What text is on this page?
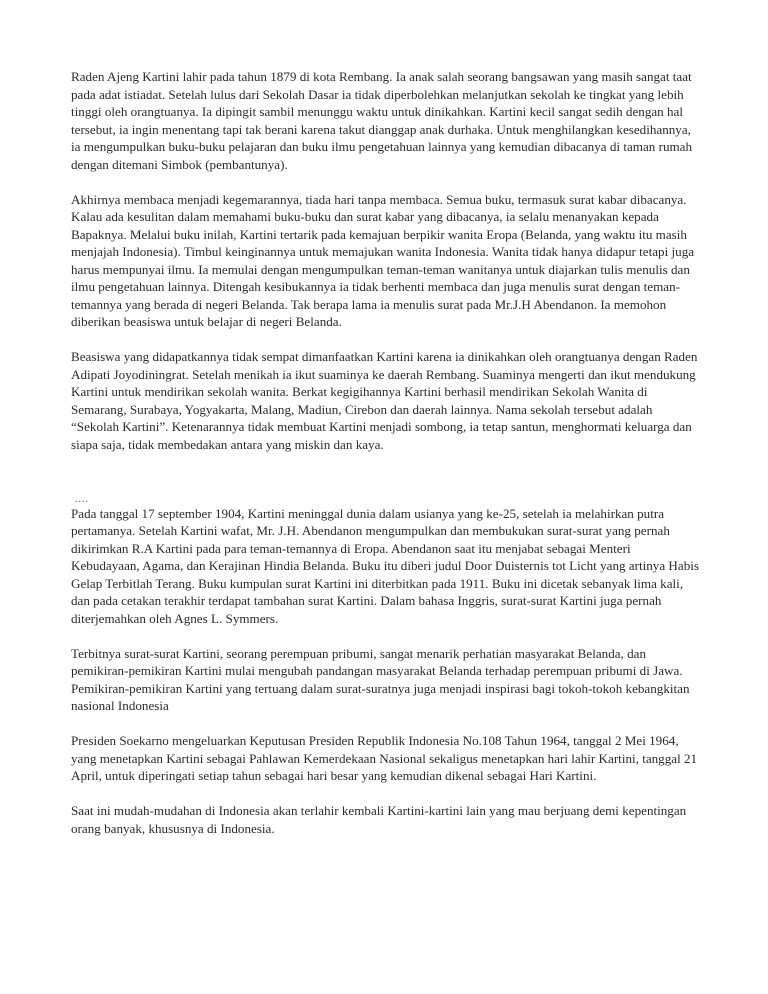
Raden Ajeng Kartini lahir pada tahun 1879 di kota Rembang. Ia anak salah seorang bangsawan yang masih sangat taat pada adat istiadat. Setelah lulus dari Sekolah Dasar ia tidak diperbolehkan melanjutkan sekolah ke tingkat yang lebih tinggi oleh orangtuanya. Ia dipingit sambil menunggu waktu untuk dinikahkan. Kartini kecil sangat sedih dengan hal tersebut, ia ingin menentang tapi tak berani karena takut dianggap anak durhaka. Untuk menghilangkan kesedihannya, ia mengumpulkan buku-buku pelajaran dan buku ilmu pengetahuan lainnya yang kemudian dibacanya di taman rumah dengan ditemani Simbok (pembantunya).

Akhirnya membaca menjadi kegemarannya, tiada hari tanpa membaca. Semua buku, termasuk surat kabar dibacanya. Kalau ada kesulitan dalam memahami buku-buku dan surat kabar yang dibacanya, ia selalu menanyakan kepada Bapaknya. Melalui buku inilah, Kartini tertarik pada kemajuan berpikir wanita Eropa (Belanda, yang waktu itu masih menjajah Indonesia). Timbul keinginannya untuk memajukan wanita Indonesia. Wanita tidak hanya didapur tetapi juga harus mempunyai ilmu. Ia memulai dengan mengumpulkan teman-teman wanitanya untuk diajarkan tulis menulis dan ilmu pengetahuan lainnya. Ditengah kesibukannya ia tidak berhenti membaca dan juga menulis surat dengan teman-temannya yang berada di negeri Belanda. Tak berapa lama ia menulis surat pada Mr.J.H Abendanon. Ia memohon diberikan beasiswa untuk belajar di negeri Belanda.

Beasiswa yang didapatkannya tidak sempat dimanfaatkan Kartini karena ia dinikahkan oleh orangtuanya dengan Raden Adipati Joyodiningrat. Setelah menikah ia ikut suaminya ke daerah Rembang. Suaminya mengerti dan ikut mendukung Kartini untuk mendirikan sekolah wanita. Berkat kegigihannya Kartini berhasil mendirikan Sekolah Wanita di Semarang, Surabaya, Yogyakarta, Malang, Madiun, Cirebon dan daerah lainnya. Nama sekolah tersebut adalah “Sekolah Kartini”. Ketenarannya tidak membuat Kartini menjadi sombong, ia tetap santun, menghormati keluarga dan siapa saja, tidak membedakan antara yang miskin dan kaya.

....

Pada tanggal 17 september 1904, Kartini meninggal dunia dalam usianya yang ke-25, setelah ia melahirkan putra pertamanya. Setelah Kartini wafat, Mr. J.H. Abendanon mengumpulkan dan membukukan surat-surat yang pernah dikirimkan R.A Kartini pada para teman-temannya di Eropa. Abendanon saat itu menjabat sebagai Menteri Kebudayaan, Agama, dan Kerajinan Hindia Belanda. Buku itu diberi judul Door Duisternis tot Licht yang artinya Habis Gelap Terbitlah Terang. Buku kumpulan surat Kartini ini diterbitkan pada 1911. Buku ini dicetak sebanyak lima kali, dan pada cetakan terakhir terdapat tambahan surat Kartini. Dalam bahasa Inggris, surat-surat Kartini juga pernah diterjemahkan oleh Agnes L. Symmers.

Terbitnya surat-surat Kartini, seorang perempuan pribumi, sangat menarik perhatian masyarakat Belanda, dan pemikiran-pemikiran Kartini mulai mengubah pandangan masyarakat Belanda terhadap perempuan pribumi di Jawa. Pemikiran-pemikiran Kartini yang tertuang dalam surat-suratnya juga menjadi inspirasi bagi tokoh-tokoh kebangkitan nasional Indonesia

Presiden Soekarno mengeluarkan Keputusan Presiden Republik Indonesia No.108 Tahun 1964, tanggal 2 Mei 1964, yang menetapkan Kartini sebagai Pahlawan Kemerdekaan Nasional sekaligus menetapkan hari lahir Kartini, tanggal 21 April, untuk diperingati setiap tahun sebagai hari besar yang kemudian dikenal sebagai Hari Kartini.

Saat ini mudah-mudahan di Indonesia akan terlahir kembali Kartini-kartini lain yang mau berjuang demi kepentingan orang banyak, khususnya di Indonesia.
